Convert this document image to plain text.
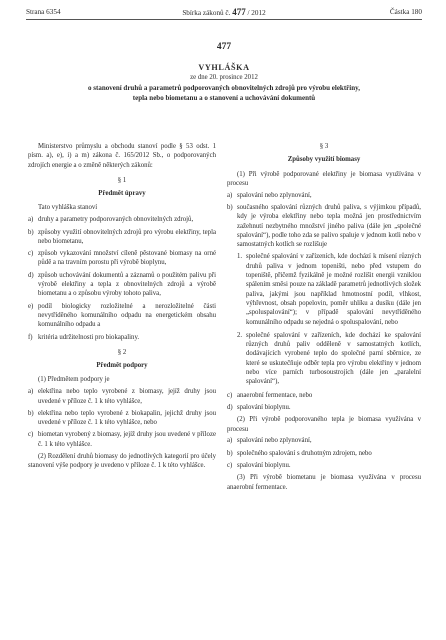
Strana 6354	Sbírka zákonů č. 477 / 2012	Částka 180
477
VYHLÁŠKA
ze dne 20. prosince 2012
o stanovení druhů a parametrů podporovaných obnovitelných zdrojů pro výrobu elektřiny,
tepla nebo biometanu a o stanovení a uchovávání dokumentů

Ministerstvo průmyslu a obchodu stanoví podle § 53 odst. 1 písm. a), e), i) a m) zákona č. 165/2012 Sb., o podporovaných zdrojích energie a o změně některých zákonů:

§ 1
Předmět úpravy

Tato vyhláška stanoví

a) druhy a parametry podporovaných obnovitelných zdrojů,
b) způsoby využití obnovitelných zdrojů pro výrobu elektřiny, tepla nebo biometanu,
c) způsob vykazování množství cíleně pěstované biomasy na orné půdě a na travním porostu při výrobě bioplynu,
d) způsob uchovávání dokumentů a záznamů o použitém palivu při výrobě elektřiny a tepla z obnovitelných zdrojů a výrobě biometanu a o způsobu výroby tohoto paliva,
e) podíl biologicky rozložitelné a nerozložitelné části nevytříděného komunálního odpadu na energetickém obsahu komunálního odpadu a
f) kritéria udržitelnosti pro biokapaliny.
§ 2
Předmět podpory

(1) Předmětem podpory je

a) elektřina nebo teplo vyrobené z biomasy, jejíž druhy jsou uvedené v příloze č. 1 k této vyhlášce,
b) elektřina nebo teplo vyrobené z biokapalin, jejichž druhy jsou uvedené v příloze č. 1 k této vyhlášce, nebo
c) biometan vyrobený z biomasy, jejíž druhy jsou uvedené v příloze č. 1 k této vyhlášce.

(2) Rozdělení druhů biomasy do jednotlivých kategorií pro účely stanovení výše podpory je uvedeno v příloze č. 1 k této vyhlášce.

§ 3
Způsoby využití biomasy

(1) Při výrobě podporované elektřiny je biomasa využívána v procesu

a) spalování nebo zplynování,
b) současného spalování různých druhů paliva, s výjimkou případů, kdy je výroba elektřiny nebo tepla možná jen prostřednictvím zažehnutí nezbytného množství jiného paliva (dále jen „společné spalování“), podle toho zda se palivo spaluje v jednom kotli nebo v samostatných kotlích se rozlišuje
1. společné spalování v zařízeních, kde dochází k mísení různých druhů paliva v jednom topeništi, nebo před vstupem do topeniště, přičemž fyzikálně je možné rozlišit energii vzniklou spálením směsi pouze na základě parametrů jednotlivých složek paliva, jakými jsou například hmotnostní podíl, vlhkost, výhřevnost, obsah popelovin, poměr uhlíku a dusíku (dále jen „spoluspalování“); v případě spalování nevytříděného komunálního odpadu se nejedná o spoluspalování, nebo
2. společné spalování v zařízeních, kde dochází ke spalování různých druhů paliv odděleně v samostatných kotlích, dodávajících vyrobené teplo do společné parní sběrnice, ze které se uskutečňuje odběr tepla pro výrobu elektřiny v jednom nebo více parních turbosoustrojích (dále jen „paralelní spalování“),
c) anaerobní fermentace, nebo
d) spalování bioplynu.

(2) Při výrobě podporovaného tepla je biomasa využívána v procesu

a) spalování nebo zplynování,
b) společného spalování s druhotným zdrojem, nebo
c) spalování bioplynu.

(3) Při výrobě biometanu je biomasa využívána v procesu anaerobní fermentace.
